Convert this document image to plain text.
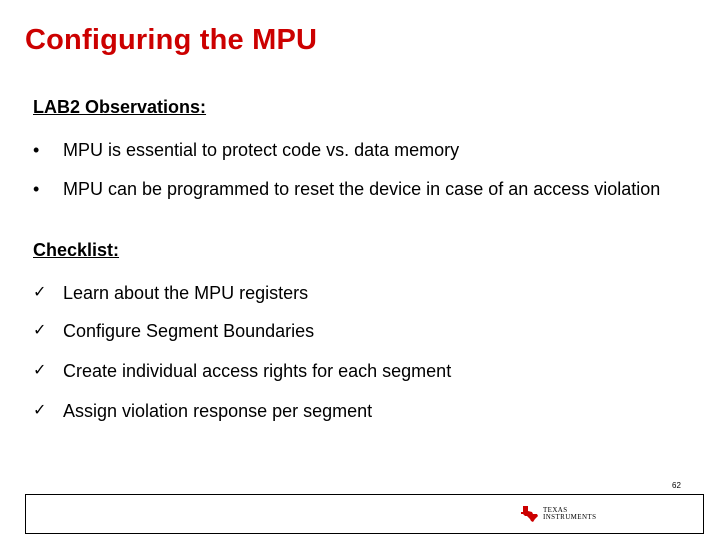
Configuring the MPU
LAB2 Observations:
•	MPU is essential to protect code vs. data memory
•	MPU can be programmed to reset the device in case of an access violation
Checklist:
✓ Learn about the MPU registers
✓ Configure Segment Boundaries
✓ Create individual access rights for each segment
✓ Assign violation response per segment
62
TEXAS
INSTRUMENTS
